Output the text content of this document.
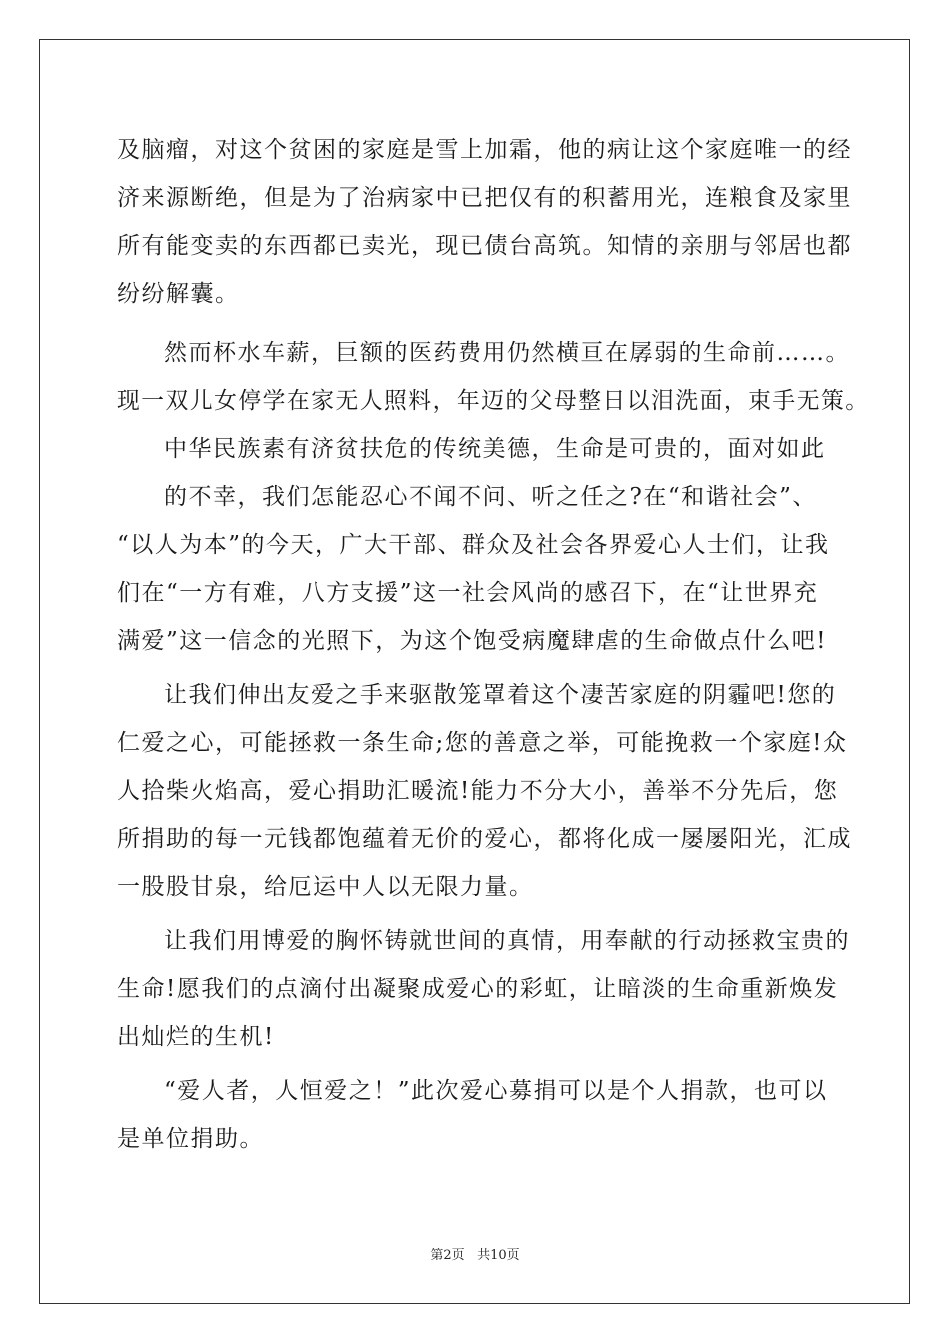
及脑瘤，对这个贫困的家庭是雪上加霜，他的病让这个家庭唯一的经
济来源断绝，但是为了治病家中已把仅有的积蓄用光，连粮食及家里
所有能变卖的东西都已卖光，现已债台高筑。知情的亲朋与邻居也都
纷纷解囊。
然而杯水车薪，巨额的医药费用仍然横亘在孱弱的生命前……。
现一双儿女停学在家无人照料，年迈的父母整日以泪洗面，束手无策。
中华民族素有济贫扶危的传统美德，生命是可贵的，面对如此
的不幸，我们怎能忍心不闻不问、听之任之?在“和谐社会”、
“以人为本”的今天，广大干部、群众及社会各界爱心人士们，让我
们在“一方有难，八方支援”这一社会风尚的感召下，在“让世界充
满爱”这一信念的光照下，为这个饱受病魔肆虐的生命做点什么吧!
让我们伸出友爱之手来驱散笼罩着这个凄苦家庭的阴霾吧!您的
仁爱之心，可能拯救一条生命;您的善意之举，可能挽救一个家庭!众
人拾柴火焰高，爱心捐助汇暖流!能力不分大小，善举不分先后，您
所捐助的每一元钱都饱蕴着无价的爱心，都将化成一屡屡阳光，汇成
一股股甘泉，给厄运中人以无限力量。
让我们用博爱的胸怀铸就世间的真情，用奉献的行动拯救宝贵的
生命!愿我们的点滴付出凝聚成爱心的彩虹，让暗淡的生命重新焕发
出灿烂的生机!
“爱人者，人恒爱之！”此次爱心募捐可以是个人捐款，也可以
是单位捐助。
第2页 共10页
